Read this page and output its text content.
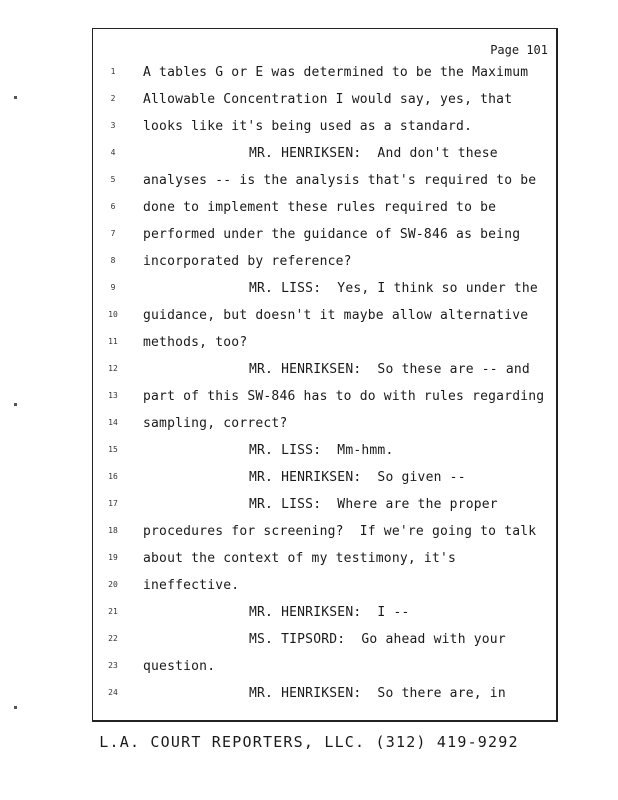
Page 101
1	A tables G or E was determined to be the Maximum
2	Allowable Concentration I would say, yes, that
3	looks like it's being used as a standard.
4	MR. HENRIKSEN:  And don't these
5	analyses -- is the analysis that's required to be
6	done to implement these rules required to be
7	performed under the guidance of SW-846 as being
8	incorporated by reference?
9	MR. LISS:  Yes, I think so under the
10	guidance, but doesn't it maybe allow alternative
11	methods, too?
12	MR. HENRIKSEN:  So these are -- and
13	part of this SW-846 has to do with rules regarding
14	sampling, correct?
15	MR. LISS:  Mm-hmm.
16	MR. HENRIKSEN:  So given --
17	MR. LISS:  Where are the proper
18	procedures for screening?  If we're going to talk
19	about the context of my testimony, it's
20	ineffective.
21	MR. HENRIKSEN:  I --
22	MS. TIPSORD:  Go ahead with your
23	question.
24	MR. HENRIKSEN:  So there are, in
L.A. COURT REPORTERS, LLC. (312) 419-9292
